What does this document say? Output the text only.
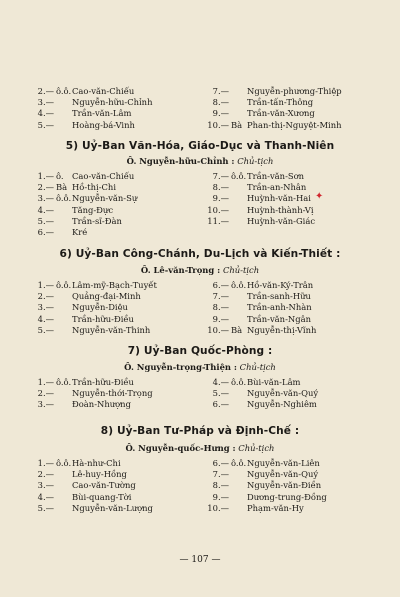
— 107 —
2.— ô.ô. Cao-văn-Chiếu
3.— Nguyễn-hữu-Chỉnh
4.— Trần-văn-Lâm
5.— Hoàng-bá-Vinh
7.— Nguyễn-phương-Thiệp
8.— Trần-tấn-Thông
9.— Trần-văn-Xương
10.— Bà Phan-thị-Nguyệt-Minh
5) Uỷ-Ban Văn-Hóa, Giáo-Dục và Thanh-Niên
Ô. Nguyễn-hữu-Chỉnh : Chủ-tịch
1.— ô. Cao-văn-Chiếu
2.— Bà Hồ-thị-Chi
3.— ô.ô. Nguyễn-văn-Sự
4.— Tăng-Đực
5.— Trần-sĩ-Đàn
6.— Kré
7.— ô.ô. Trần-văn-Sơn
8.— Trần-an-Nhân
9.— Huỳnh-văn-Hai ✦
10.— Huỳnh-thành-Vị
11.— Huỳnh-văn-Giác
6) Uỷ-Ban Công-Chánh, Du-Lịch và Kiến-Thiết :
Ô. Lê-văn-Trọng : Chủ-tịch
1.— ô.ô. Lâm-mỹ-Bạch-Tuyết
2.— Quảng-đại-Minh
3.— Nguyễn-Diệu
4.— Trần-hữu-Điều
5.— Nguyễn-văn-Thinh
6.— ô.ô. Hồ-văn-Ký-Trân
7.— Trần-sanh-Hữu
8.— Trần-anh-Nhàn
9.— Trần-văn-Ngân
10.— Bà Nguyễn-thị-Vĩnh
7) Uỷ-Ban Quốc-Phòng :
Ô. Nguyễn-trọng-Thiện : Chủ-tịch
1.— ô.ô. Trần-hữu-Điều
2.— Nguyễn-thới-Trọng
3.— Đoàn-Nhượng
4.— ô.ô. Bùi-văn-Lâm
5.— Nguyễn-văn-Quý
6.— Nguyễn-Nghiêm
8) Uỷ-Ban Tư-Pháp và Định-Chế :
Ô. Nguyễn-quốc-Hưng : Chủ-tịch
1.— ô.ô. Hà-như-Chi
2.— Lê-huy-Hồng
3.— Cao-văn-Tường
4.— Bùi-quang-Tời
5.— Nguyễn-văn-Lượng
6.— ô.ô. Nguyễn-văn-Liên
7.— Nguyễn-văn-Quý
8.— Nguyễn-văn-Điền
9.— Dương-trung-Đồng
10.— Phạm-văn-Hy
